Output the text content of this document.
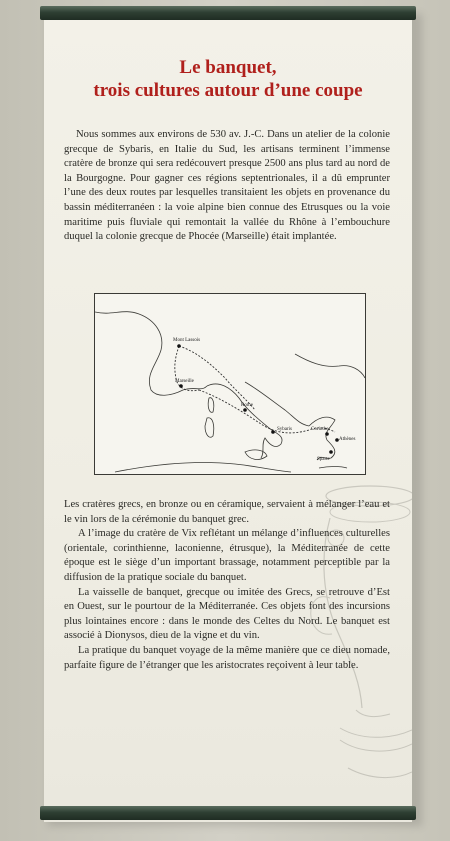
Le banquet,
trois cultures autour d’une coupe

Nous sommes aux environs de 530 av. J.-C. Dans un atelier de la colonie grecque de Sybaris, en Italie du Sud, les artisans terminent l’immense cratère de bronze qui sera redécouvert presque 2500 ans plus tard au nord de la Bourgogne. Pour gagner ces régions septentrionales, il a dû emprunter l’une des deux routes par lesquelles transitaient les objets en provenance du bassin méditerranéen : la voie alpine bien connue des Etrusques ou la voie maritime puis fluviale qui remontait la vallée du Rhône à l’embouchure duquel la colonie grecque de Phocée (Marseille) était implantée.

Mont Lassois
Marseille
Rome
Sybaris	Corinthe
Athènes
Sparte

Les cratères grecs, en bronze ou en céramique, servaient à mélanger l’eau et le vin lors de la cérémonie du banquet grec.

A l’image du cratère de Vix reflétant un mélange d’influences culturelles (orientale, corinthienne, laconienne, étrusque), la Méditerranée de cette époque est le siège d’un important brassage, notamment perceptible par la diffusion de la pratique sociale du banquet.

La vaisselle de banquet, grecque ou imitée des Grecs, se retrouve d’Est en Ouest, sur le pourtour de la Méditerranée. Ces objets font des incursions plus lointaines encore : dans le monde des Celtes du Nord. Le banquet est associé à Dionysos, dieu de la vigne et du vin.

La pratique du banquet voyage de la même manière que ce dieu nomade, parfaite figure de l’étranger que les aristocrates reçoivent à leur table.
